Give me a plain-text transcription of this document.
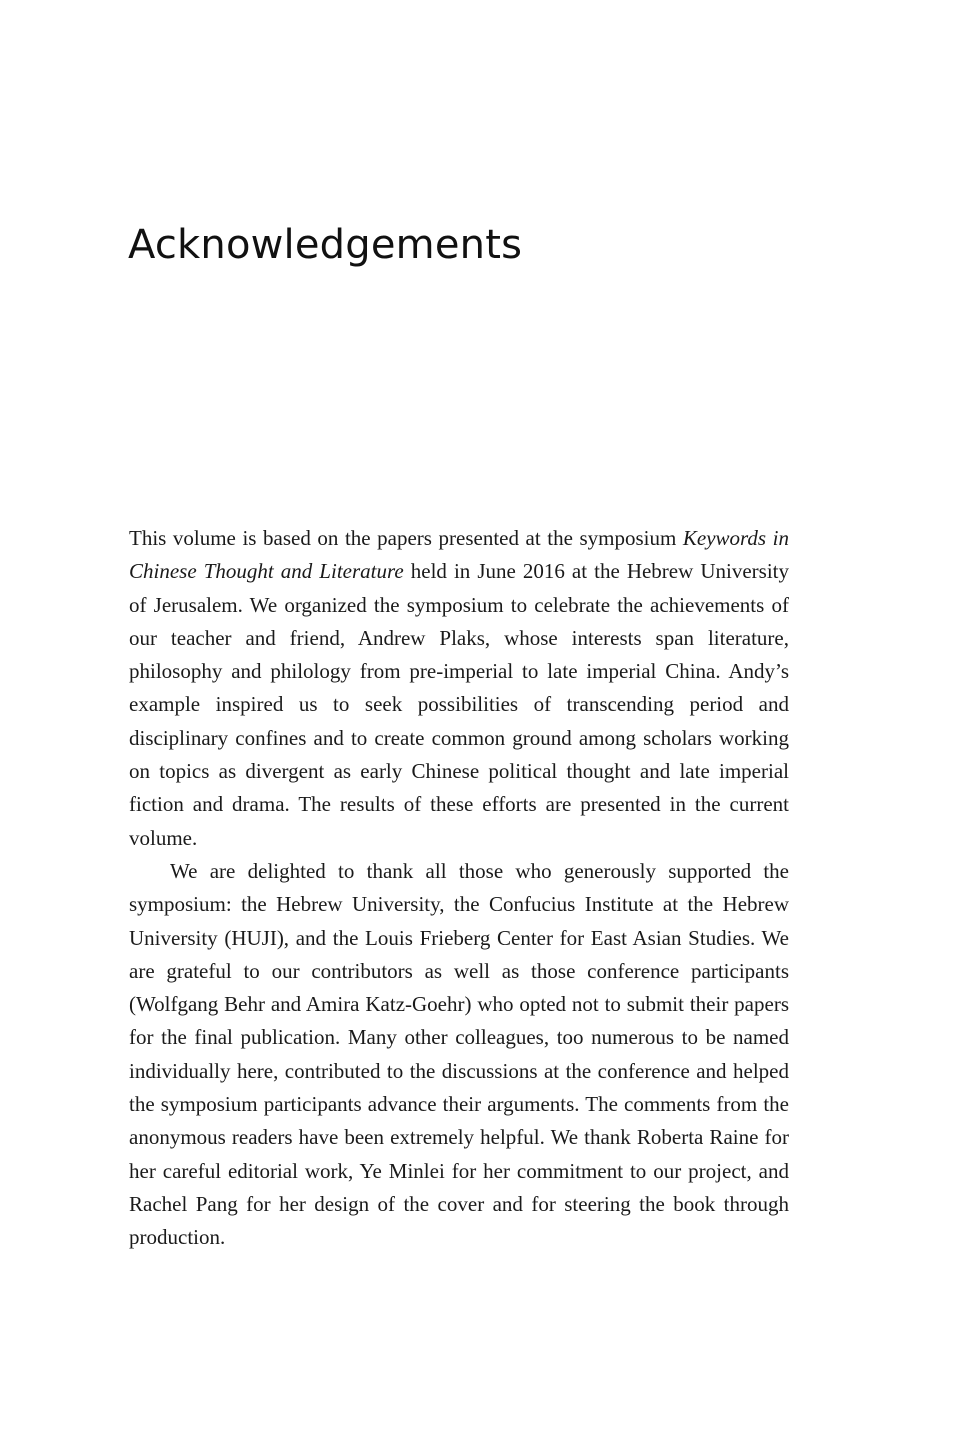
Acknowledgements

This volume is based on the papers presented at the symposium Keywords in Chinese Thought and Literature held in June 2016 at the Hebrew University of Jerusalem. We organized the symposium to celebrate the achievements of our teacher and friend, Andrew Plaks, whose interests span literature, philosophy and philology from pre-imperial to late imperial China. Andy’s example inspired us to seek possibilities of transcending period and disciplinary confines and to create common ground among scholars working on topics as divergent as early Chinese political thought and late imperial fiction and drama. The results of these efforts are presented in the current volume.

We are delighted to thank all those who generously supported the symposium: the Hebrew University, the Confucius Institute at the Hebrew University (HUJI), and the Louis Frieberg Center for East Asian Studies. We are grateful to our contributors as well as those conference participants (Wolfgang Behr and Amira Katz-Goehr) who opted not to submit their papers for the final publication. Many other colleagues, too numerous to be named individually here, contributed to the discussions at the conference and helped the symposium participants advance their arguments. The comments from the anonymous readers have been extremely helpful. We thank Roberta Raine for her careful editorial work, Ye Minlei for her commitment to our project, and Rachel Pang for her design of the cover and for steering the book through production.
